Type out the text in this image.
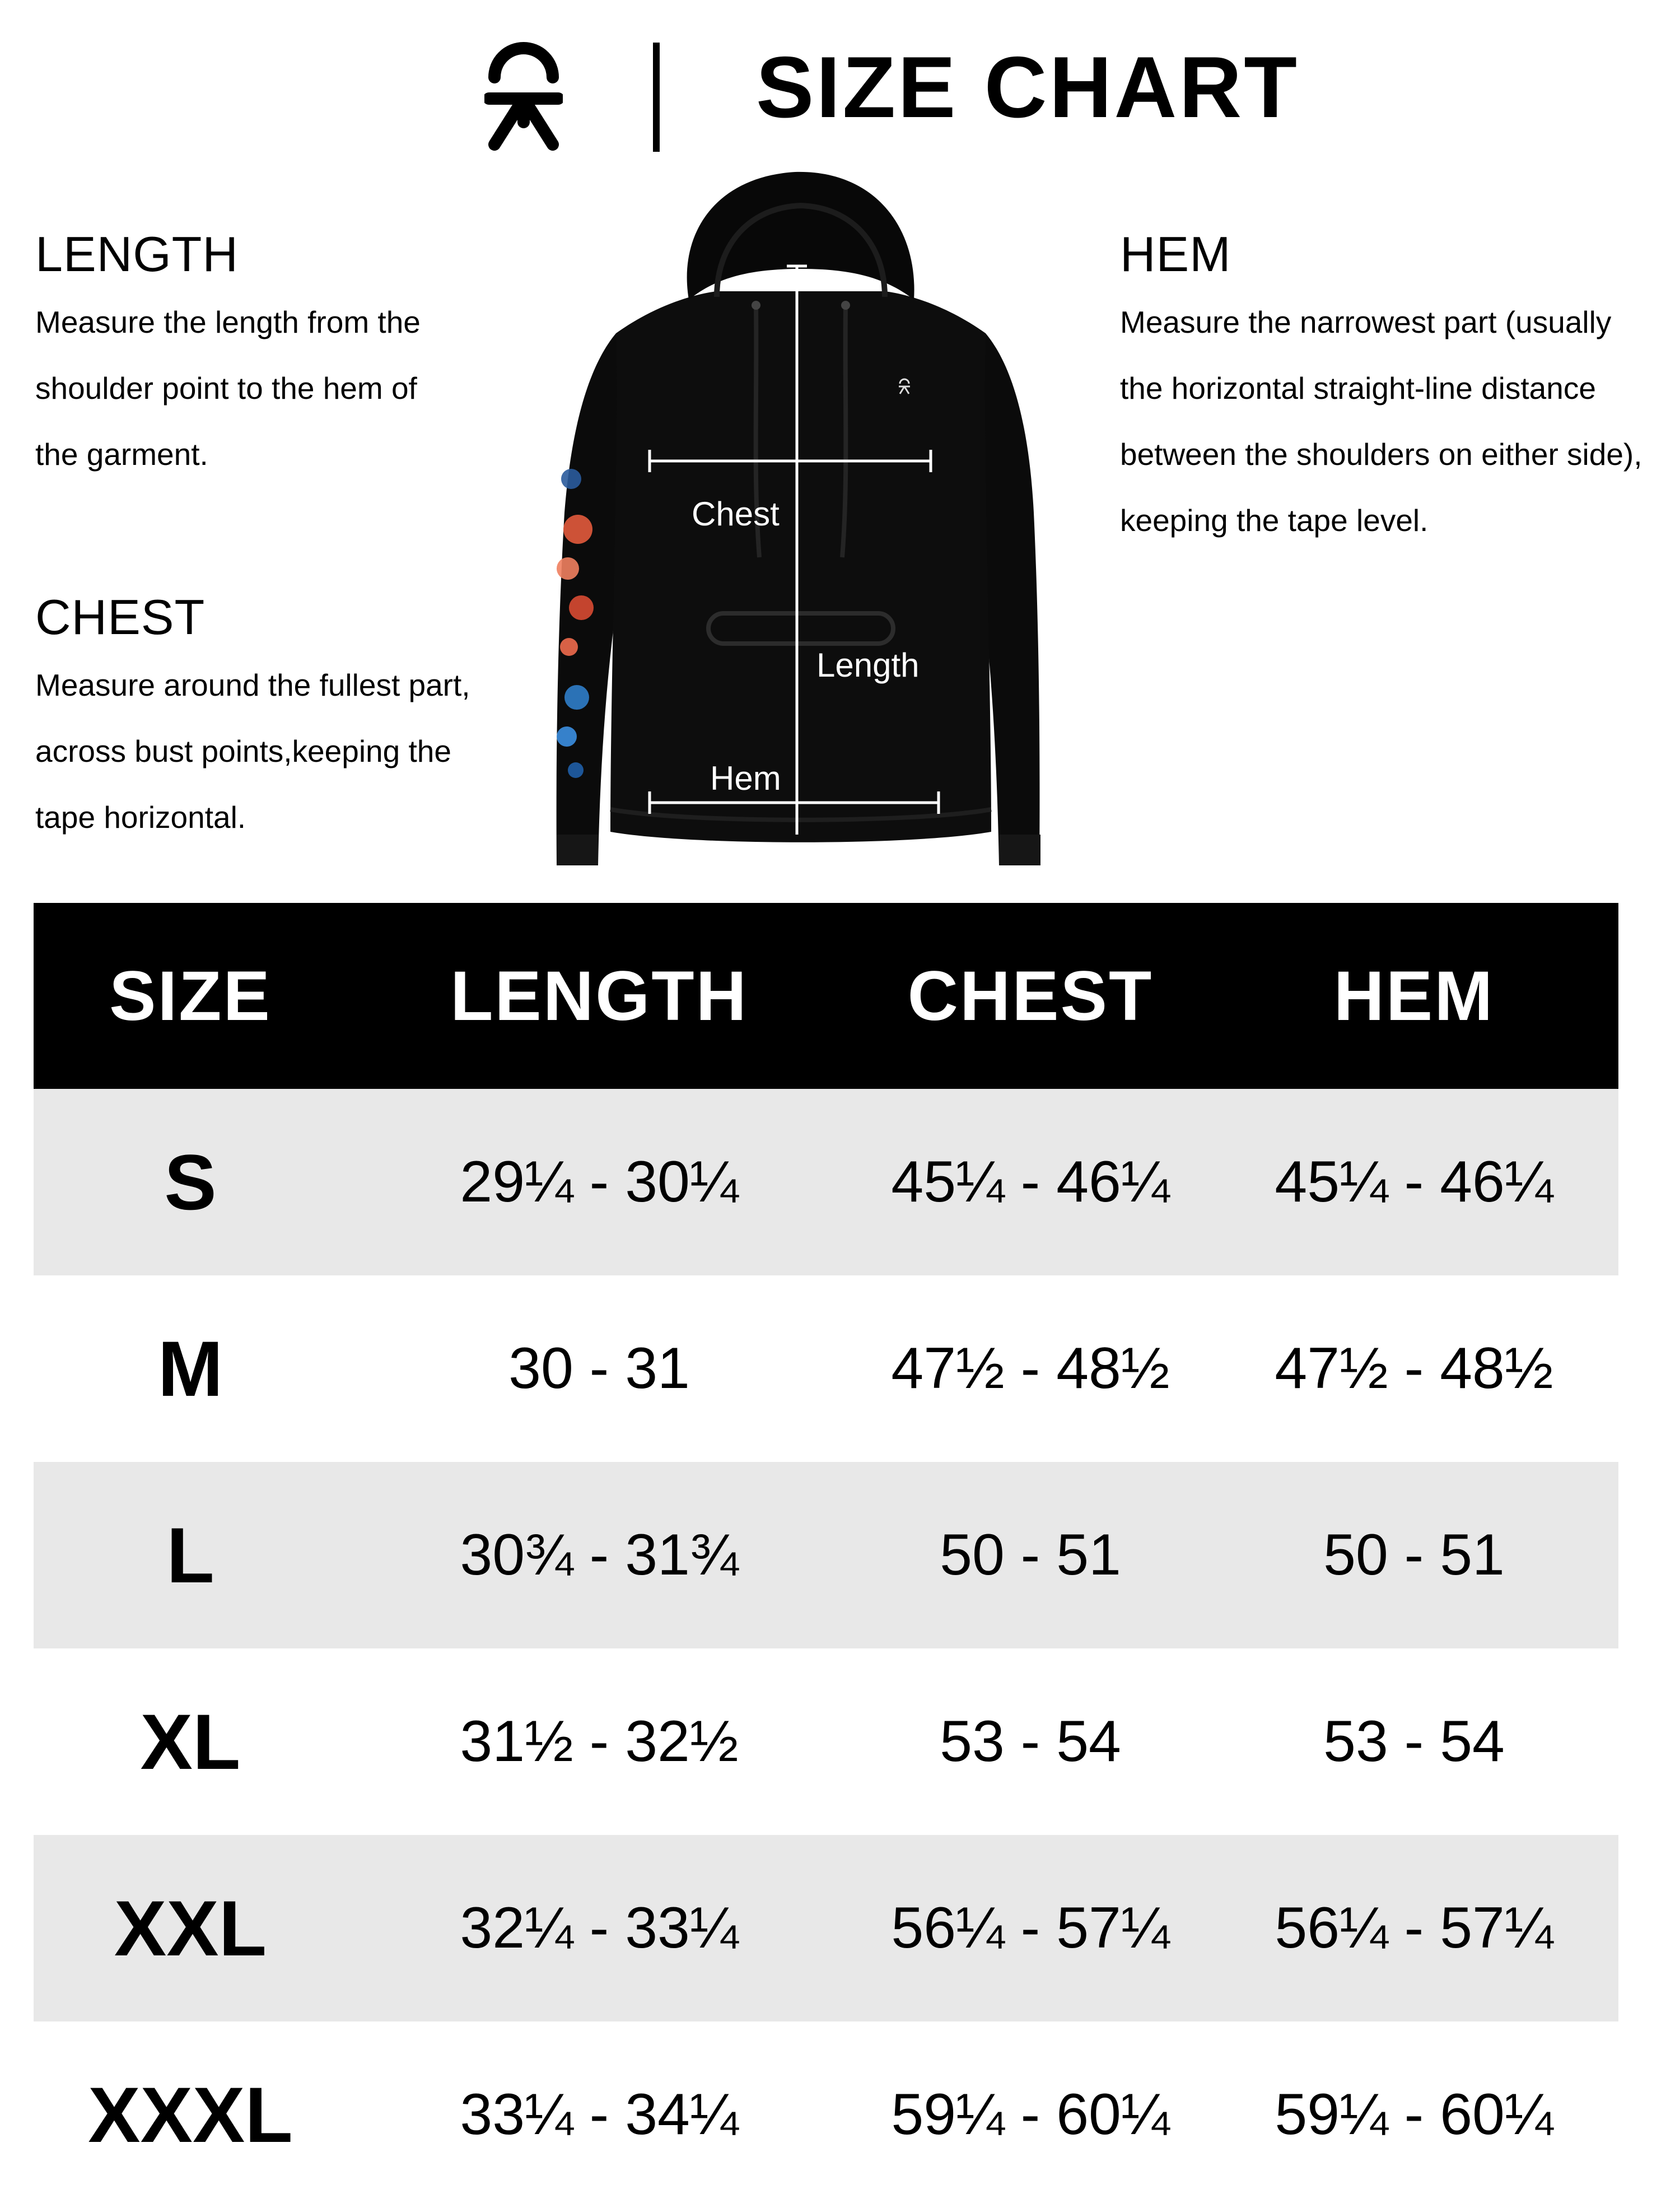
SIZE CHART
LENGTH

Measure the length from the

shoulder point to the hem of

the garment.

CHEST

Measure around the fullest part,

across bust points,keeping the

tape horizontal.

HEM

Measure the narrowest part (usually

the horizontal straight-line distance

between the shoulders on either side),

keeping the tape level.

Chest
Length
Hem
SIZE	LENGTH	CHEST	HEM
S	29¼ - 30¼	45¼ - 46¼	45¼ - 46¼
M	30 - 31	47½ - 48½	47½ - 48½
L	30¾ - 31¾	50 - 51	50 - 51
XL	31½ - 32½	53 - 54	53 - 54
XXL	32¼ - 33¼	56¼ - 57¼	56¼ - 57¼
XXXL	33¼ - 34¼	59¼ - 60¼	59¼ - 60¼
